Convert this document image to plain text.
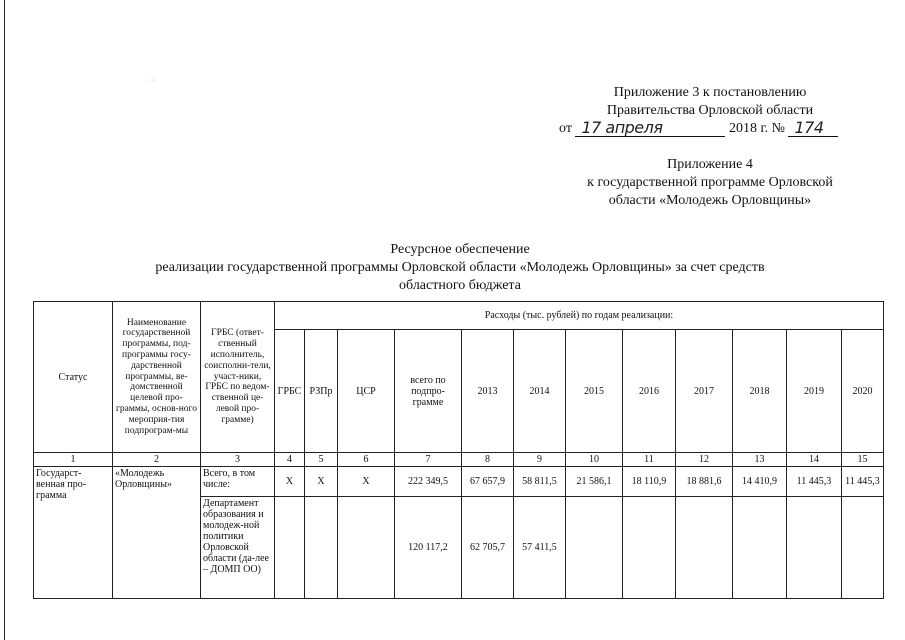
⁘
Приложение 3 к постановлению
Правительства Орловской области
от 17 апреля	2018 г. № 174
Приложение 4
к государственной программе Орловской
области «Молодежь Орловщины»
Ресурсное обеспечение
реализации государственной программы Орловской области «Молодежь Орловщины» за счет средств
областного бюджета
Статус	Наименование государственной программы, под-программы госу-дарственной программы, ве-домственной целевой про-граммы, основ-ного мероприя-тия подпрограм-мы	ГРБС (ответ-ственный исполнитель, соисполни-тели, участ-ники, ГРБС по ведом-ственной це-левой про-грамме)	Расходы (тыс. рублей) по годам реализации:											
			ГРБС	РЗПр	ЦСР	всего по подпро-грамме	2013	2014	2015	2016	2017	2018	2019	2020
1	2	3	4	5	6	7	8	9	10	11	12	13	14	15
Государст-венная про-грамма	«Молодежь Орловщины»	Всего, в том числе:	X	X	X	222 349,5	67 657,9	58 811,5	21 586,1	18 110,9	18 881,6	14 410,9	11 445,3	11 445,3
		Департамент образования и молодеж-ной политики Орловской области (да-лее – ДОМП ОО)				120 117,2	62 705,7	57 411,5						
